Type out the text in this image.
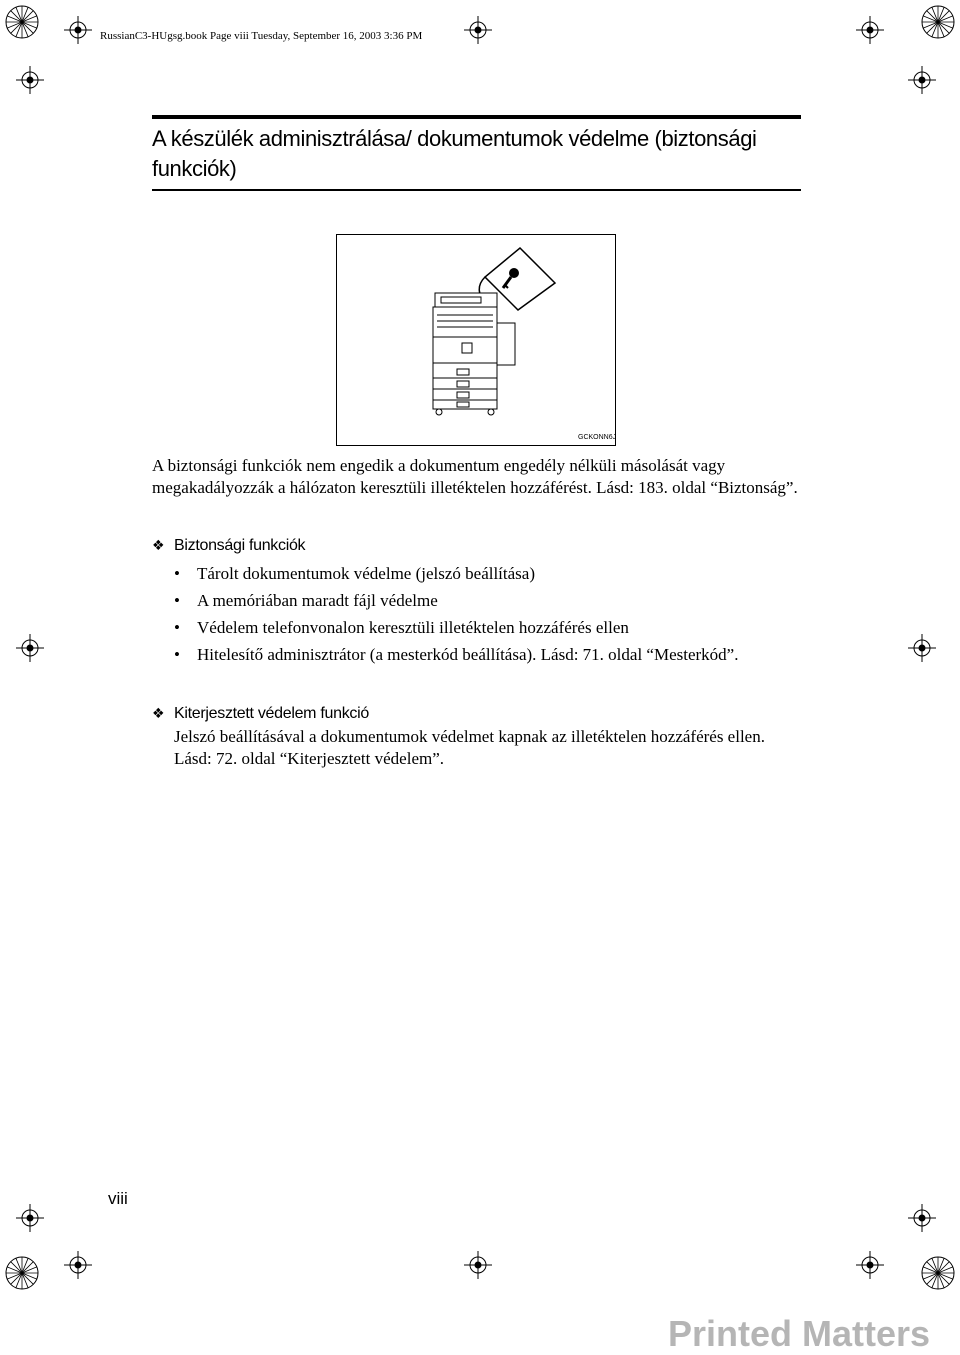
RussianC3-HUgsg.book Page viii Tuesday, September 16, 2003 3:36 PM
A készülék adminisztrálása/ dokumentumok védelme (biztonsági funkciók)
GCKONN6J
A biztonsági funkciók nem engedik a dokumentum engedély nélküli másolását vagy megakadályozzák a hálózaton keresztüli illetéktelen hozzáférést. Lásd: 183. oldal “Biztonság”.
❖ Biztonsági funkciók
• Tárolt dokumentumok védelme (jelszó beállítása)
• A memóriában maradt fájl védelme
• Védelem telefonvonalon keresztüli illetéktelen hozzáférés ellen
• Hitelesítő adminisztrátor (a mesterkód beállítása). Lásd: 71. oldal “Mesterkód”.
❖ Kiterjesztett védelem funkció
Jelszó beállításával a dokumentumok védelmet kapnak az illetéktelen hozzáférés ellen. Lásd: 72. oldal “Kiterjesztett védelem”.
viii
Printed Matters
